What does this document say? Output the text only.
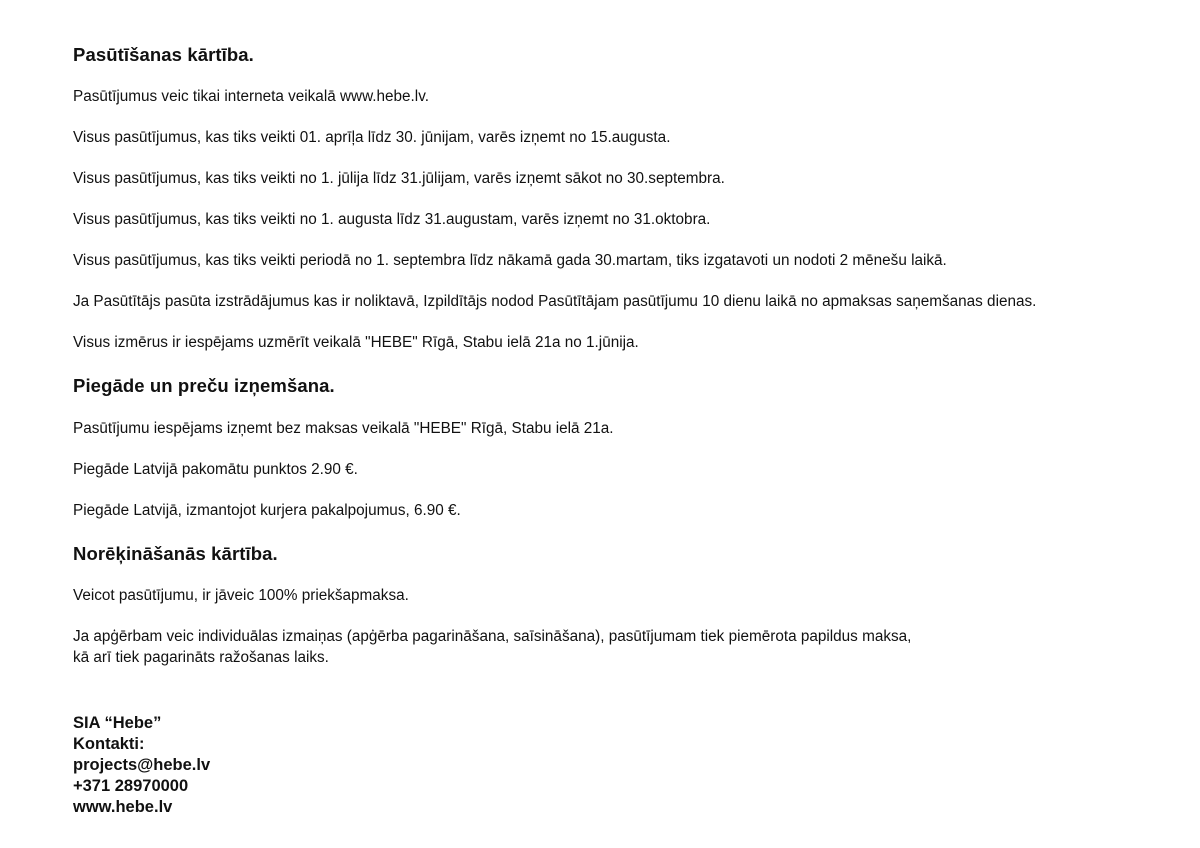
Pasūtīšanas kārtība.
Pasūtījumus veic tikai interneta veikalā www.hebe.lv.
Visus pasūtījumus, kas tiks veikti 01. aprīļa līdz 30. jūnijam, varēs izņemt no 15.augusta.
Visus pasūtījumus, kas tiks veikti no 1. jūlija līdz 31.jūlijam, varēs izņemt sākot no 30.septembra.
Visus pasūtījumus, kas tiks veikti no 1. augusta līdz 31.augustam, varēs izņemt no 31.oktobra.
Visus pasūtījumus, kas tiks veikti periodā no 1. septembra līdz nākamā gada 30.martam, tiks izgatavoti un nodoti 2 mēnešu laikā.
Ja Pasūtītājs pasūta izstrādājumus kas ir noliktavā, Izpildītājs nodod Pasūtītājam pasūtījumu 10 dienu laikā no apmaksas saņemšanas dienas.
Visus izmērus ir iespējams uzmērīt veikalā "HEBE" Rīgā, Stabu ielā 21a no 1.jūnija.
Piegāde un preču izņemšana.
Pasūtījumu iespējams izņemt bez maksas veikalā "HEBE" Rīgā, Stabu ielā 21a.
Piegāde Latvijā pakomātu punktos 2.90 €.
Piegāde Latvijā, izmantojot kurjera pakalpojumus, 6.90 €.
Norēķināšanās kārtība.
Veicot pasūtījumu, ir jāveic 100% priekšapmaksa.
Ja apģērbam veic individuālas izmaiņas (apģērba pagarināšana, saīsināšana), pasūtījumam tiek piemērota papildus maksa,
kā arī tiek pagarināts ražošanas laiks.
SIA “Hebe”
Kontakti:
projects@hebe.lv
+371 28970000
www.hebe.lv
